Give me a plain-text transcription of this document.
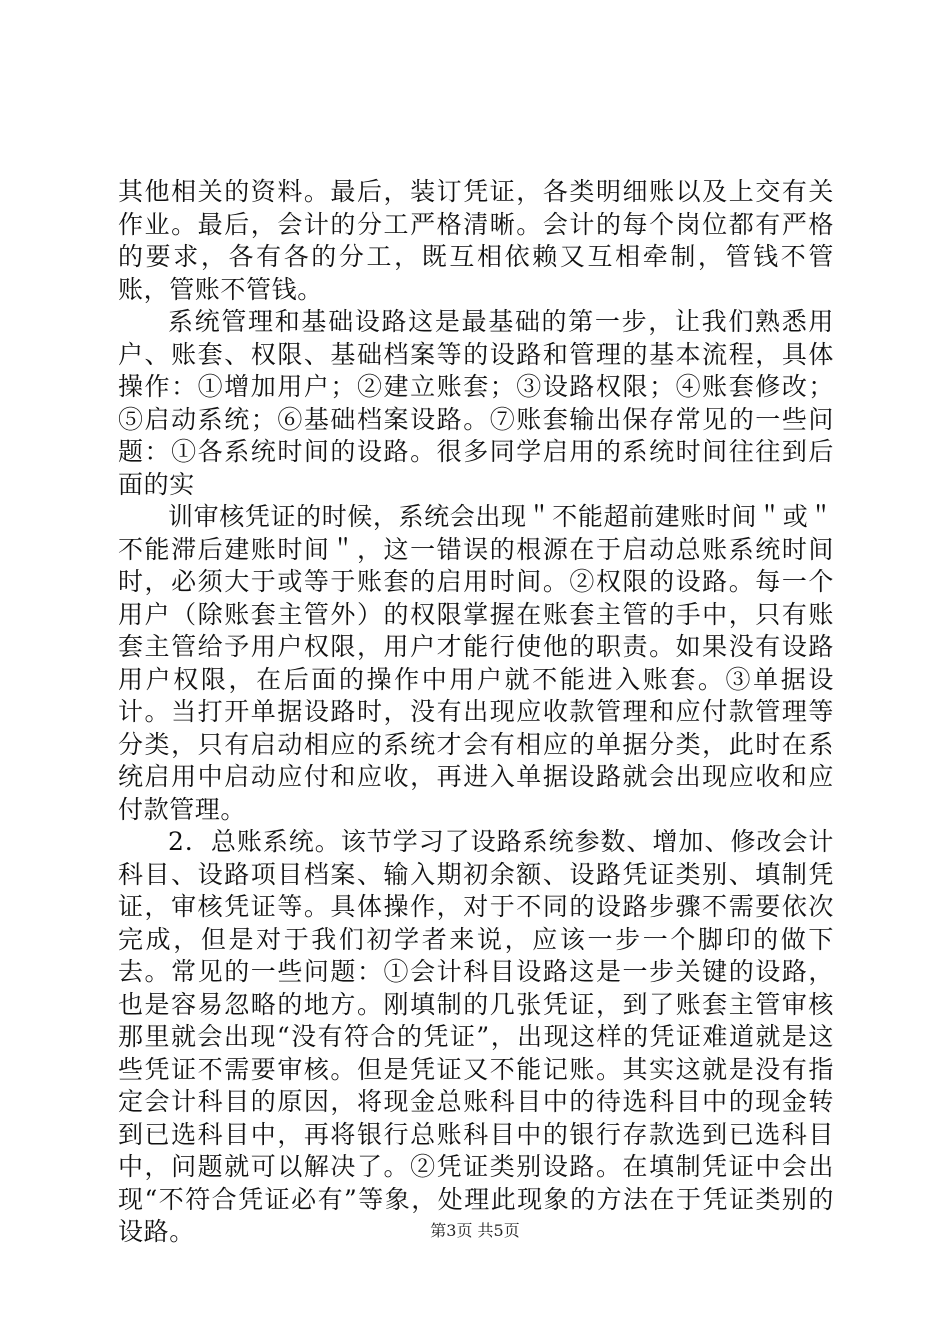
其他相关的资料。最后，装订凭证，各类明细账以及上交有关作业。最后，会计的分工严格清晰。会计的每个岗位都有严格的要求，各有各的分工，既互相依赖又互相牵制，管钱不管账，管账不管钱。

系统管理和基础设路这是最基础的第一步，让我们熟悉用户、账套、权限、基础档案等的设路和管理的基本流程，具体操作：①增加用户；②建立账套；③设路权限；④账套修改；⑤启动系统；⑥基础档案设路。⑦账套输出保存常见的一些问题：①各系统时间的设路。很多同学启用的系统时间往往到后面的实

训审核凭证的时候，系统会出现＂不能超前建账时间＂或＂不能滞后建账时间＂，这一错误的根源在于启动总账系统时间时，必须大于或等于账套的启用时间。②权限的设路。每一个用户（除账套主管外）的权限掌握在账套主管的手中，只有账套主管给予用户权限，用户才能行使他的职责。如果没有设路用户权限，在后面的操作中用户就不能进入账套。③单据设计。当打开单据设路时，没有出现应收款管理和应付款管理等分类，只有启动相应的系统才会有相应的单据分类，此时在系统启用中启动应付和应收，再进入单据设路就会出现应收和应付款管理。

2．总账系统。该节学习了设路系统参数、增加、修改会计科目、设路项目档案、输入期初余额、设路凭证类别、填制凭证，审核凭证等。具体操作，对于不同的设路步骤不需要依次完成，但是对于我们初学者来说，应该一步一个脚印的做下去。常见的一些问题：①会计科目设路这是一步关键的设路，也是容易忽略的地方。刚填制的几张凭证，到了账套主管审核那里就会出现“没有符合的凭证”，出现这样的凭证难道就是这些凭证不需要审核。但是凭证又不能记账。其实这就是没有指定会计科目的原因，将现金总账科目中的待选科目中的现金转到已选科目中，再将银行总账科目中的银行存款选到已选科目中，问题就可以解决了。②凭证类别设路。在填制凭证中会出现“不符合凭证必有”等象，处理此现象的方法在于凭证类别的设路。	第3页 共5页
